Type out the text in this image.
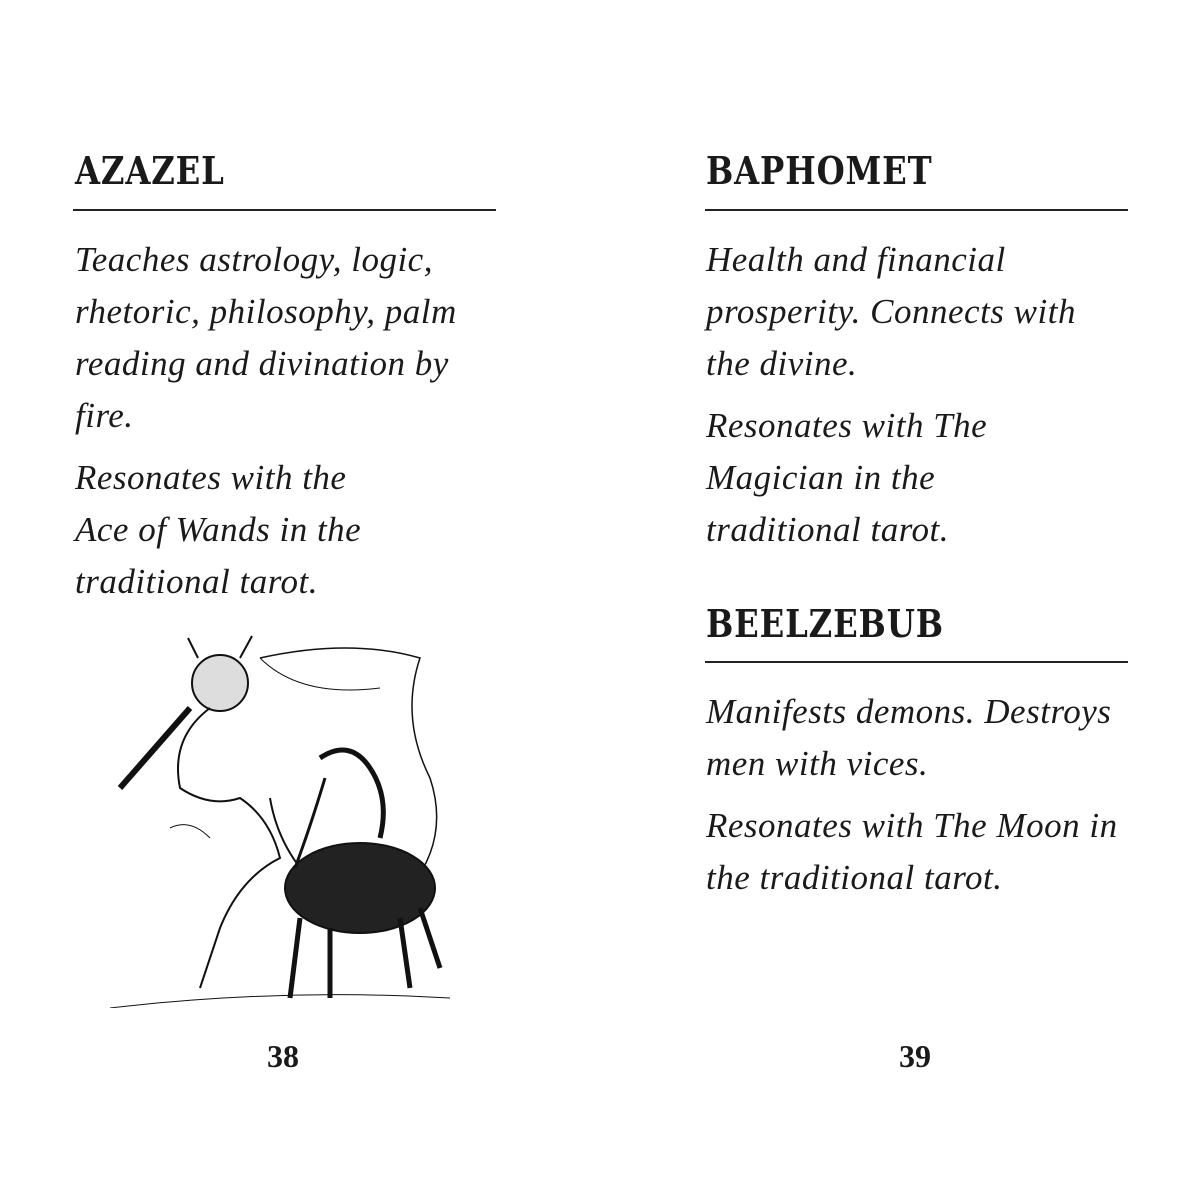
AZAZEL

Teaches astrology, logic, rhetoric, philosophy, palm reading and divination by fire.

Resonates with the Ace of Wands in the traditional tarot.

38
BAPHOMET

Health and financial prosperity. Connects with the divine.

Resonates with The Magician in the traditional tarot.

BEELZEBUB

Manifests demons. Destroys men with vices.

Resonates with The Moon in the traditional tarot.

39
